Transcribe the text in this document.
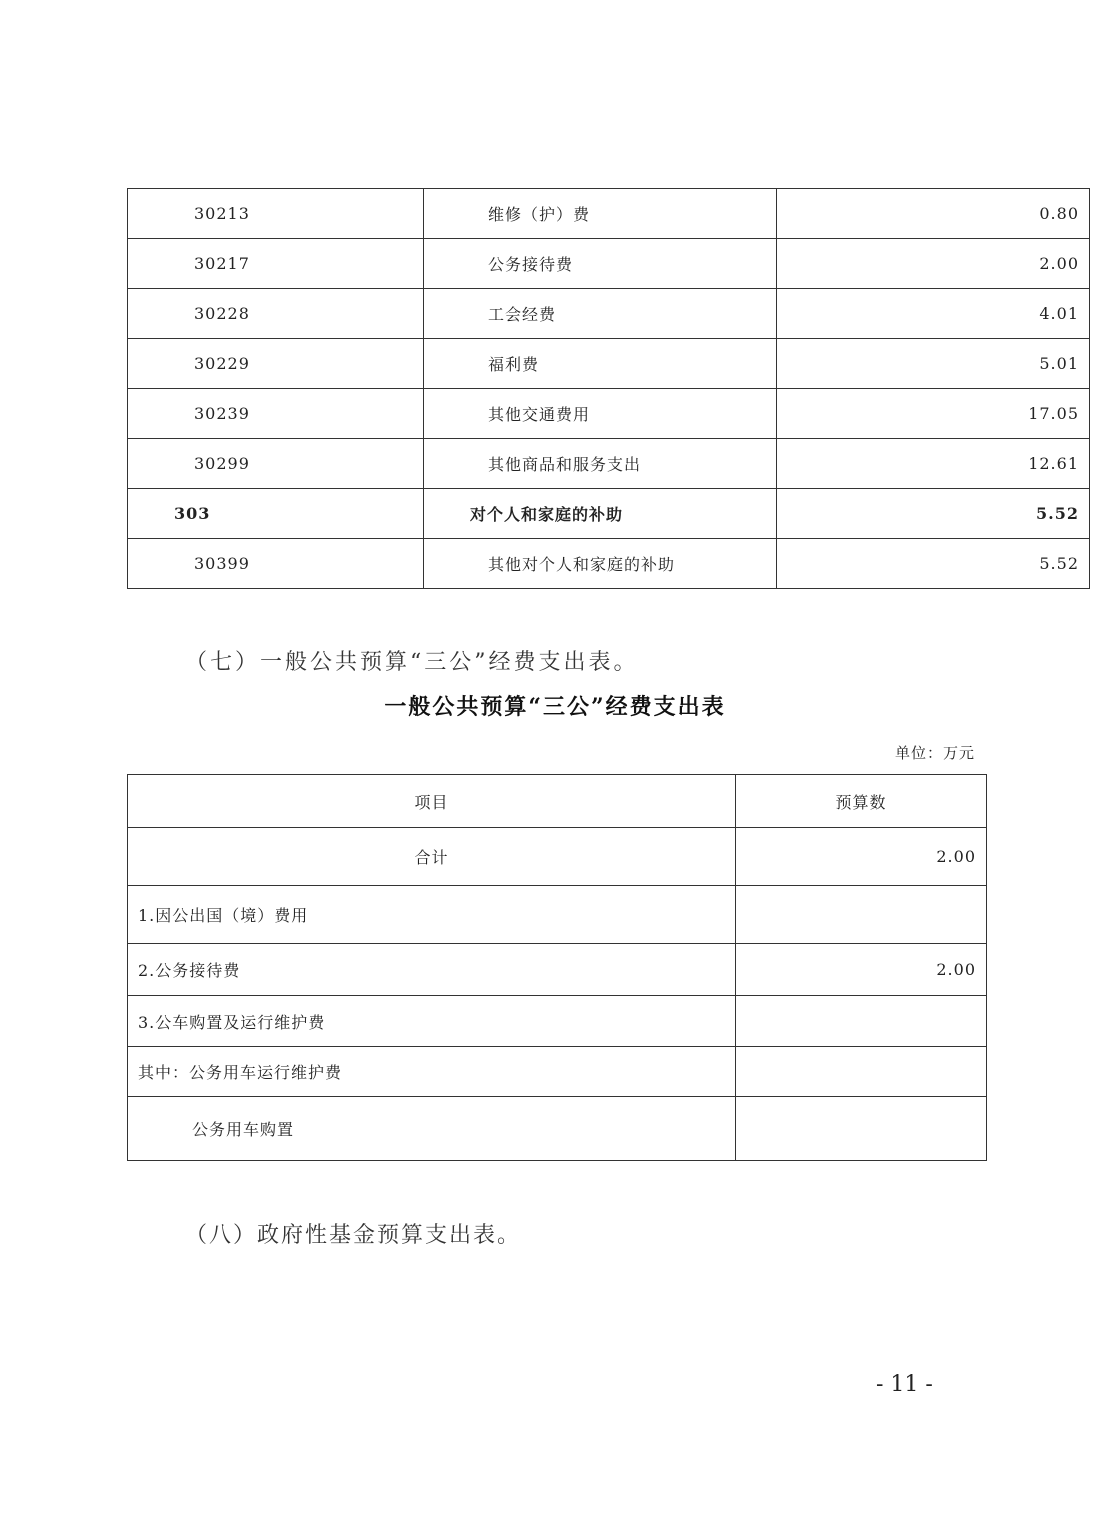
30213	维修（护）费	0.80
30217	公务接待费	2.00
30228	工会经费	4.01
30229	福利费	5.01
30239	其他交通费用	17.05
30299	其他商品和服务支出	12.61
303	对个人和家庭的补助	5.52
30399	其他对个人和家庭的补助	5.52
（七）一般公共预算“三公”经费支出表。
一般公共预算“三公”经费支出表
单位：万元
项目	预算数
合计	2.00
1.因公出国（境）费用	
2.公务接待费	2.00
3.公车购置及运行维护费	
其中：公务用车运行维护费	
公务用车购置	
（八）政府性基金预算支出表。
- 11 -
